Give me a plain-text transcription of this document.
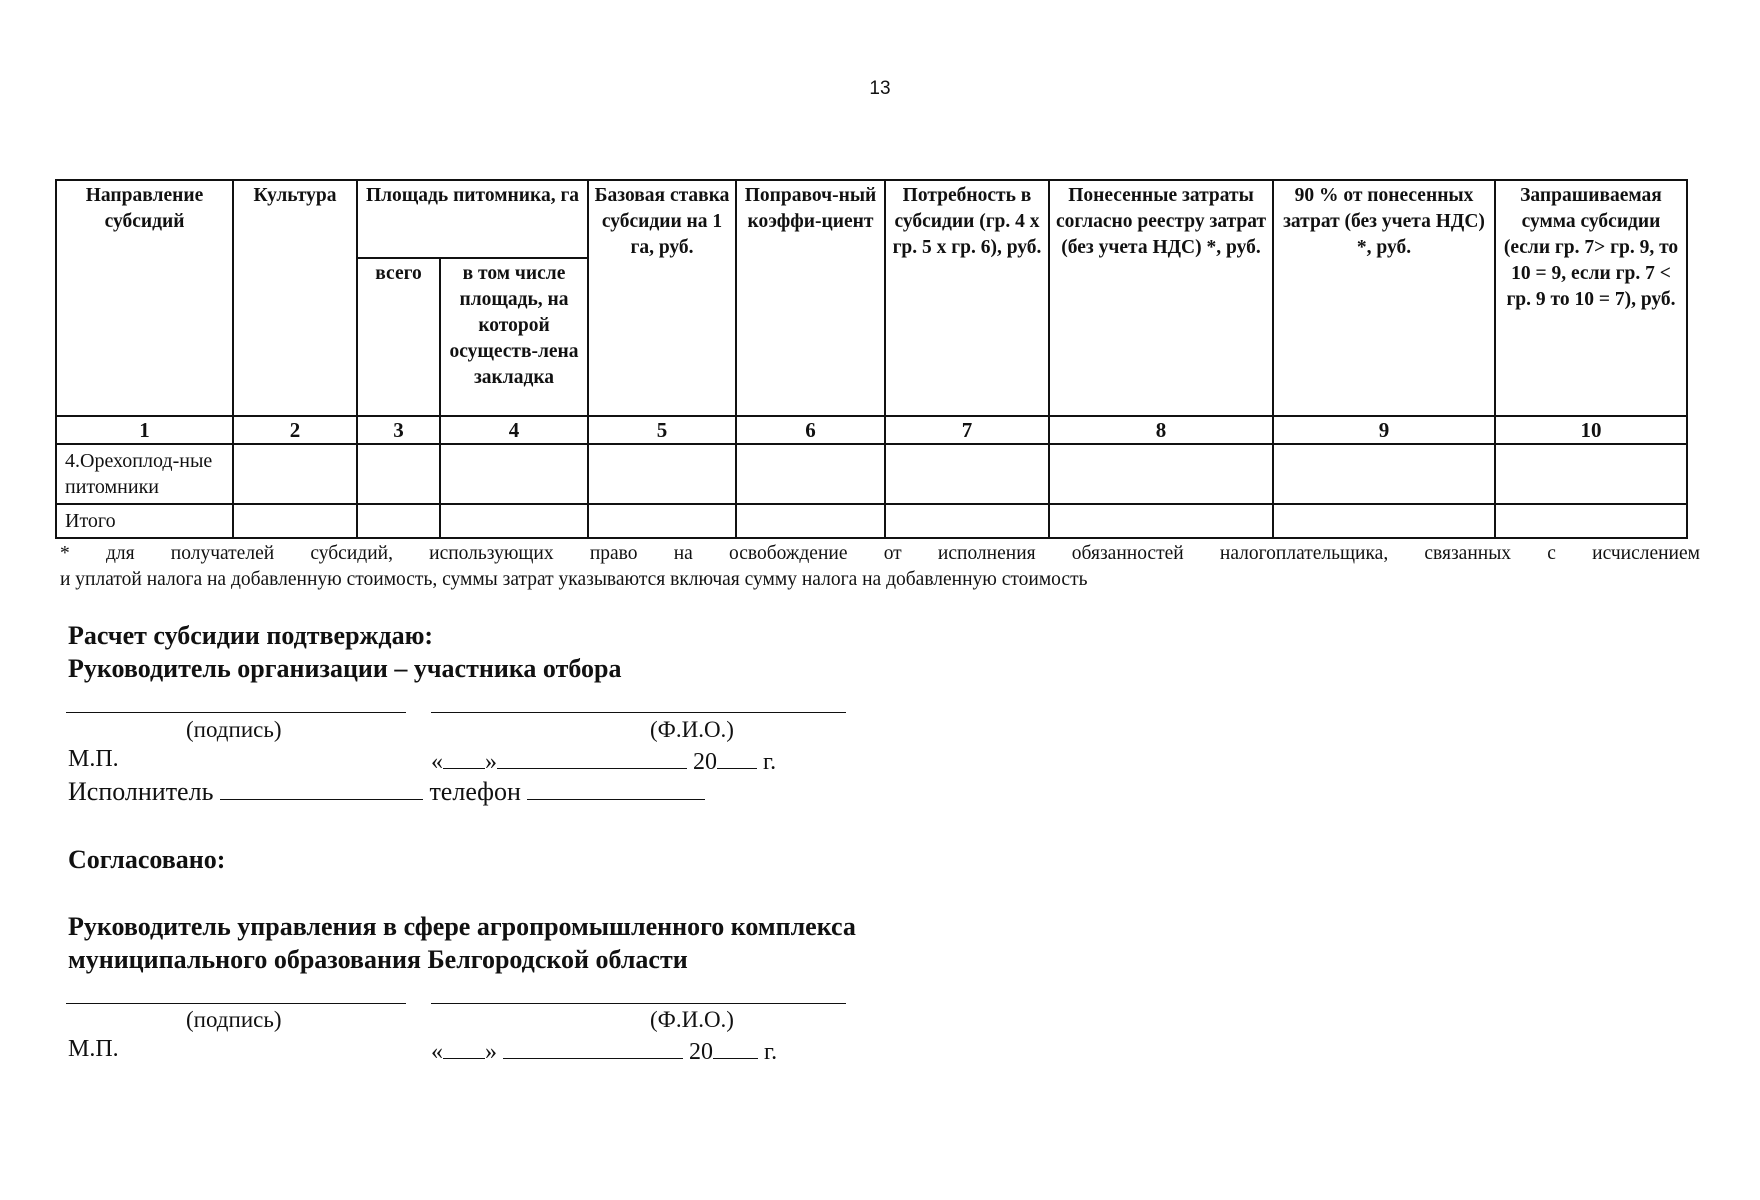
13
Направление субсидий	Культура	Площадь питомника, га		Базовая ставка субсидии на 1 га, руб.	Поправоч-ный коэффи-циент	Потребность в субсидии (гр. 4 х гр. 5 х гр. 6), руб.	Понесенные затраты согласно реестру затрат (без учета НДС) *, руб.	90 % от понесенных затрат (без учета НДС) *, руб.	Запрашиваемая сумма субсидии (если гр. 7> гр. 9, то 10 = 9, если гр. 7 < гр. 9 то 10 = 7), руб.
		всего	в том числе площадь, на которой осуществ-лена закладка						
1	2	3	4	5	6	7	8	9	10
4.Орехоплод-ные питомники									
Итого									
* для получателей субсидий, использующих право на освобождение от исполнения обязанностей налогоплательщика, связанных с исчислением
и уплатой налога на добавленную стоимость, суммы затрат указываются включая сумму налога на добавленную стоимость
Расчет субсидии подтверждаю:
Руководитель организации – участника отбора
(подпись)	(Ф.И.О.)
М.П.	« »	20 г.
Исполнитель	телефон
Согласовано:
Руководитель управления в сфере агропромышленного комплекса
муниципального образования Белгородской области
(подпись)	(Ф.И.О.)
М.П.	« »	20 г.
